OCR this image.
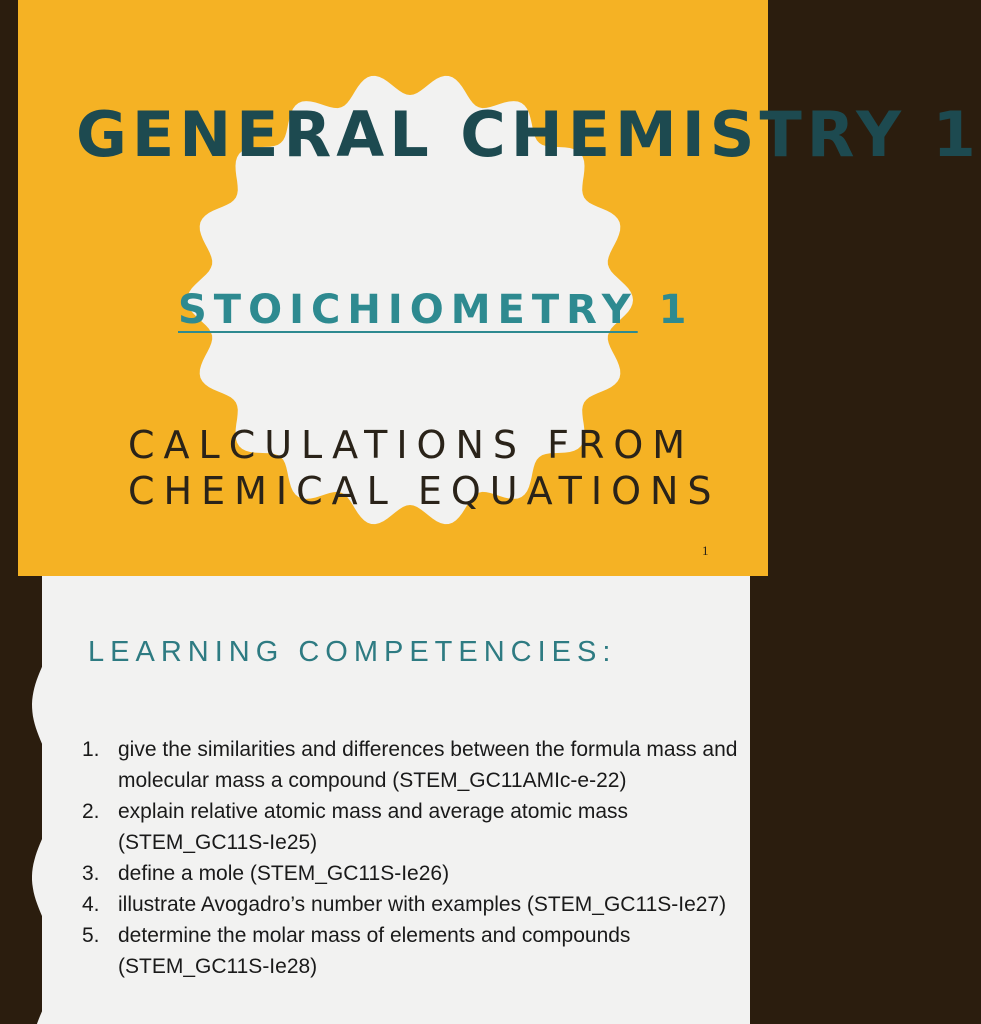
GENERAL CHEMISTRY 1
STOICHIOMETRY 1
CALCULATIONS FROM
CHEMICAL EQUATIONS
1
LEARNING COMPETENCIES:
1. give the similarities and differences between the formula mass and molecular mass a compound (STEM_GC11AMIc-e-22)
2. explain relative atomic mass and average atomic mass (STEM_GC11S-Ie25)
3. define a mole (STEM_GC11S-Ie26)
4. illustrate Avogadro’s number with examples (STEM_GC11S-Ie27)
5. determine the molar mass of elements and compounds (STEM_GC11S-Ie28)
